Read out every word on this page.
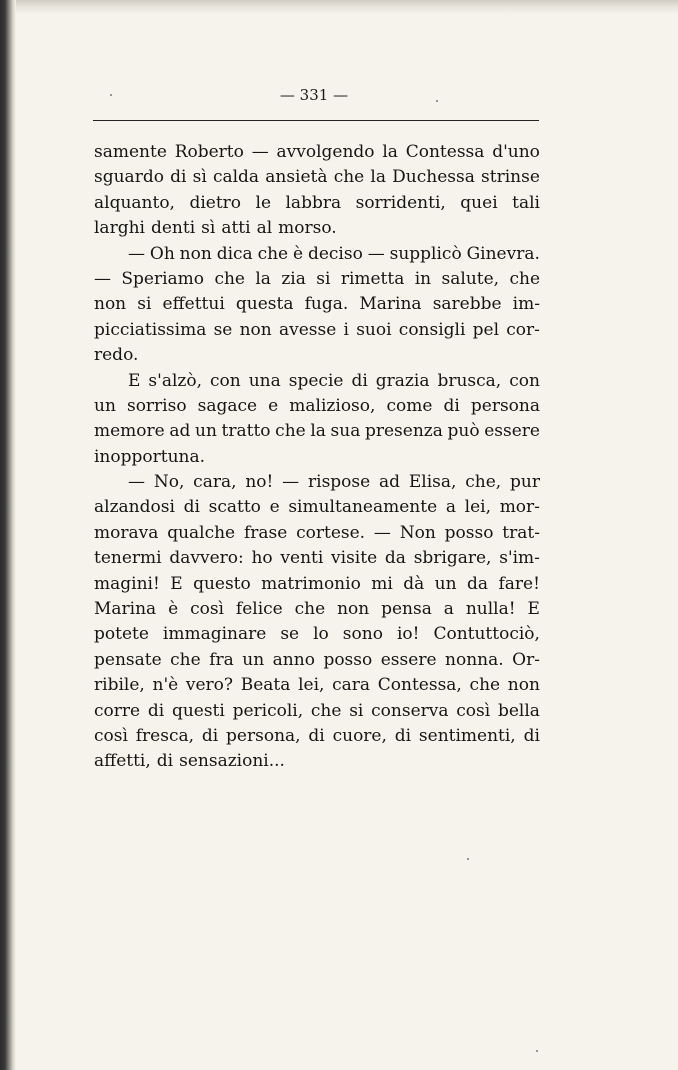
— 331 —
samente Roberto — avvolgendo la Contessa d'uno
sguardo di sì calda ansietà che la Duchessa strinse
alquanto, dietro le labbra sorridenti, quei tali
larghi denti sì atti al morso.
— Oh non dica che è deciso — supplicò Ginevra.
— Speriamo che la zia si rimetta in salute, che
non si effettui questa fuga. Marina sarebbe im-
picciatissima se non avesse i suoi consigli pel cor-
redo.
E s'alzò, con una specie di grazia brusca, con
un sorriso sagace e malizioso, come di persona
memore ad un tratto che la sua presenza può essere
inopportuna.
— No, cara, no! — rispose ad Elisa, che, pur
alzandosi di scatto e simultaneamente a lei, mor-
morava qualche frase cortese. — Non posso trat-
tenermi davvero: ho venti visite da sbrigare, s'im-
magini! E questo matrimonio mi dà un da fare!
Marina è così felice che non pensa a nulla! E
potete immaginare se lo sono io! Contuttociò,
pensate che fra un anno posso essere nonna. Or-
ribile, n'è vero? Beata lei, cara Contessa, che non
corre di questi pericoli, che si conserva così bella
così fresca, di persona, di cuore, di sentimenti, di
affetti, di sensazioni...
